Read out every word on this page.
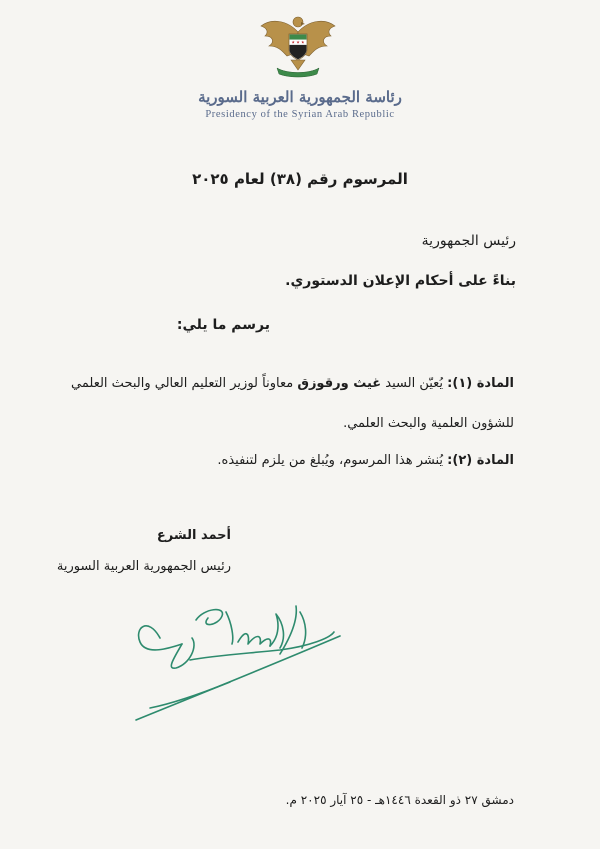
★ ★ ★
رئاسة الجمهورية العربية السورية
Presidency of the Syrian Arab Republic
المرسوم رقم (٣٨) لعام ٢٠٢٥
رئيس الجمهورية
بناءً على أحكام الإعلان الدستوري.
يرسم ما يلي:
المادة (١): يُعيّن السيد غيث ورقوزق معاوناً لوزير التعليم العالي والبحث العلمي
للشؤون العلمية والبحث العلمي.
المادة (٢): يُنشر هذا المرسوم، ويُبلغ من يلزم لتنفيذه.
أحمد الشرع
رئيس الجمهورية العربية السورية
دمشق ٢٧ ذو القعدة ١٤٤٦هـ - ٢٥ آيار ٢٠٢٥ م.
